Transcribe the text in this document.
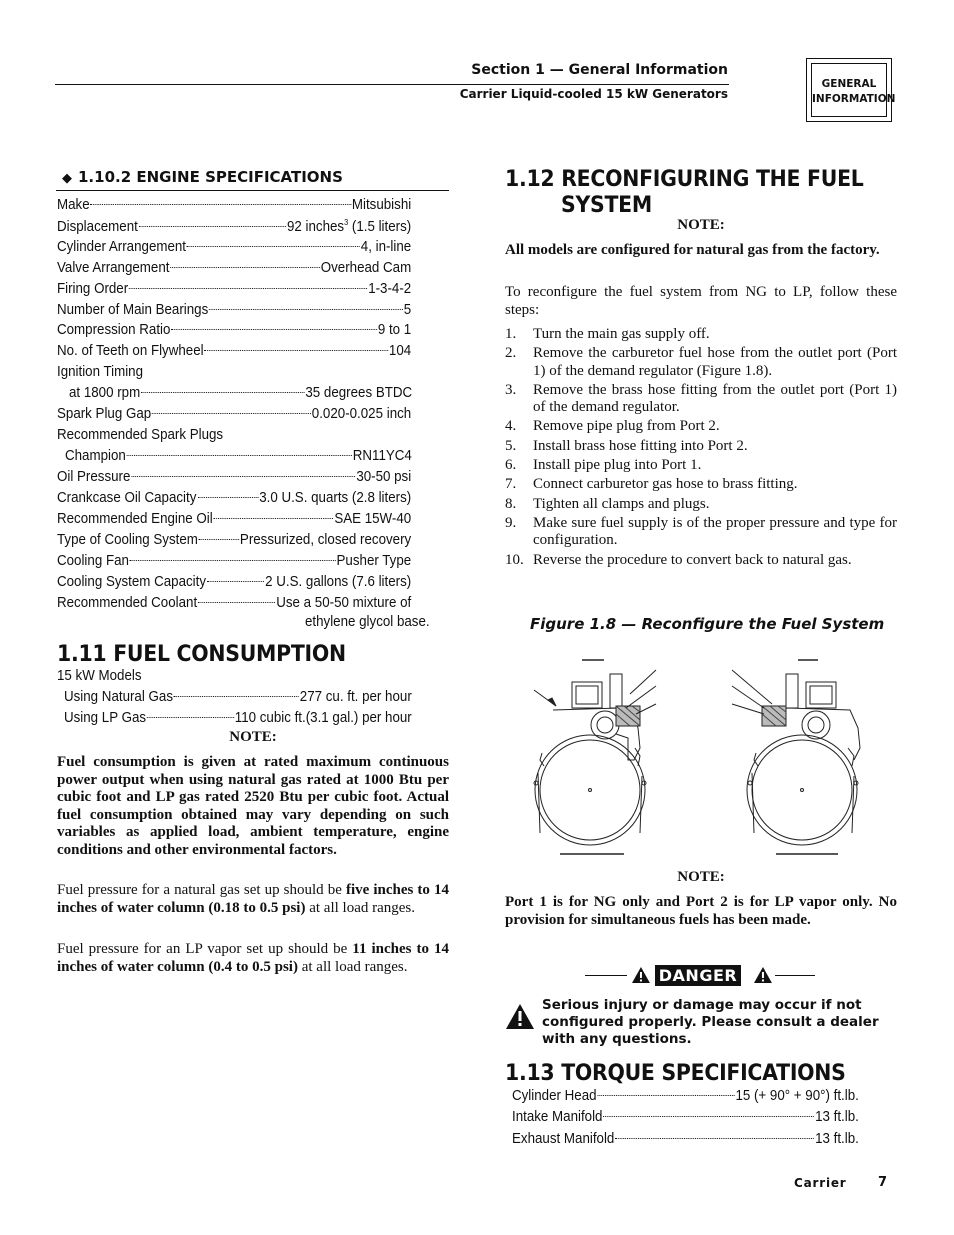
Section 1 — General Information
Carrier Liquid-cooled 15 kW Generators
GENERAL
INFORMATION
◆ 1.10.2 ENGINE SPECIFICATIONS
Make	Mitsubishi
Displacement	92 inches$^3$ (1.5 liters)
Cylinder Arrangement	4, in-line
Valve Arrangement	Overhead Cam
Firing Order	1-3-4-2
Number of Main Bearings	5
Compression Ratio	9 to 1
No. of Teeth on Flywheel	104
Ignition Timing
at 1800 rpm	35 degrees BTDC
Spark Plug Gap	0.020-0.025 inch
Recommended Spark Plugs
Champion	RN11YC4
Oil Pressure	30-50 psi
Crankcase Oil Capacity	3.0 U.S. quarts (2.8 liters)
Recommended Engine Oil	SAE 15W-40
Type of Cooling System	Pressurized, closed recovery
Cooling Fan	Pusher Type
Cooling System Capacity	2 U.S. gallons (7.6 liters)
Recommended Coolant	Use a 50-50 mixture of
ethylene glycol base.
1.11 FUEL CONSUMPTION
15 kW Models
Using Natural Gas	277 cu. ft. per hour
Using LP Gas	110 cubic ft.(3.1 gal.) per hour
NOTE:
Fuel consumption is given at rated maximum continuous power output when using natural gas rated at 1000 Btu per cubic foot and LP gas rated 2520 Btu per cubic foot. Actual fuel consumption obtained may vary depending on such variables as applied load, ambient temperature, engine conditions and other environmental factors.
Fuel pressure for a natural gas set up should be five inches to 14 inches of water column (0.18 to 0.5 psi) at all load ranges.
Fuel pressure for an LP vapor set up should be 11 inches to 14 inches of water column (0.4 to 0.5 psi) at all load ranges.
1.12 RECONFIGURING THE FUEL
SYSTEM
NOTE:
All models are configured for natural gas from the factory.
To reconfigure the fuel system from NG to LP, follow these steps:
1. Turn the main gas supply off.
2. Remove the carburetor fuel hose from the outlet port (Port 1) of the demand regulator (Figure 1.8).
3. Remove the brass hose fitting from the outlet port (Port 1) of the demand regulator.
4. Remove pipe plug from Port 2.
5. Install brass hose fitting into Port 2.
6. Install pipe plug into Port 1.
7. Connect carburetor gas hose to brass fitting.
8. Tighten all clamps and plugs.
9. Make sure fuel supply is of the proper pressure and type for configuration.
10. Reverse the procedure to convert back to natural gas.
Figure 1.8 — Reconfigure the Fuel System
NOTE:
Port 1 is for NG only and Port 2 is for LP vapor only. No provision for simultaneous fuels has been made.
DANGER
Serious injury or damage may occur if not configured properly. Please consult a dealer with any questions.
1.13 TORQUE SPECIFICATIONS
Cylinder Head	15 (+ 90° + 90°) ft.lb.
Intake Manifold	13 ft.lb.
Exhaust Manifold	13 ft.lb.
Carrier 7
